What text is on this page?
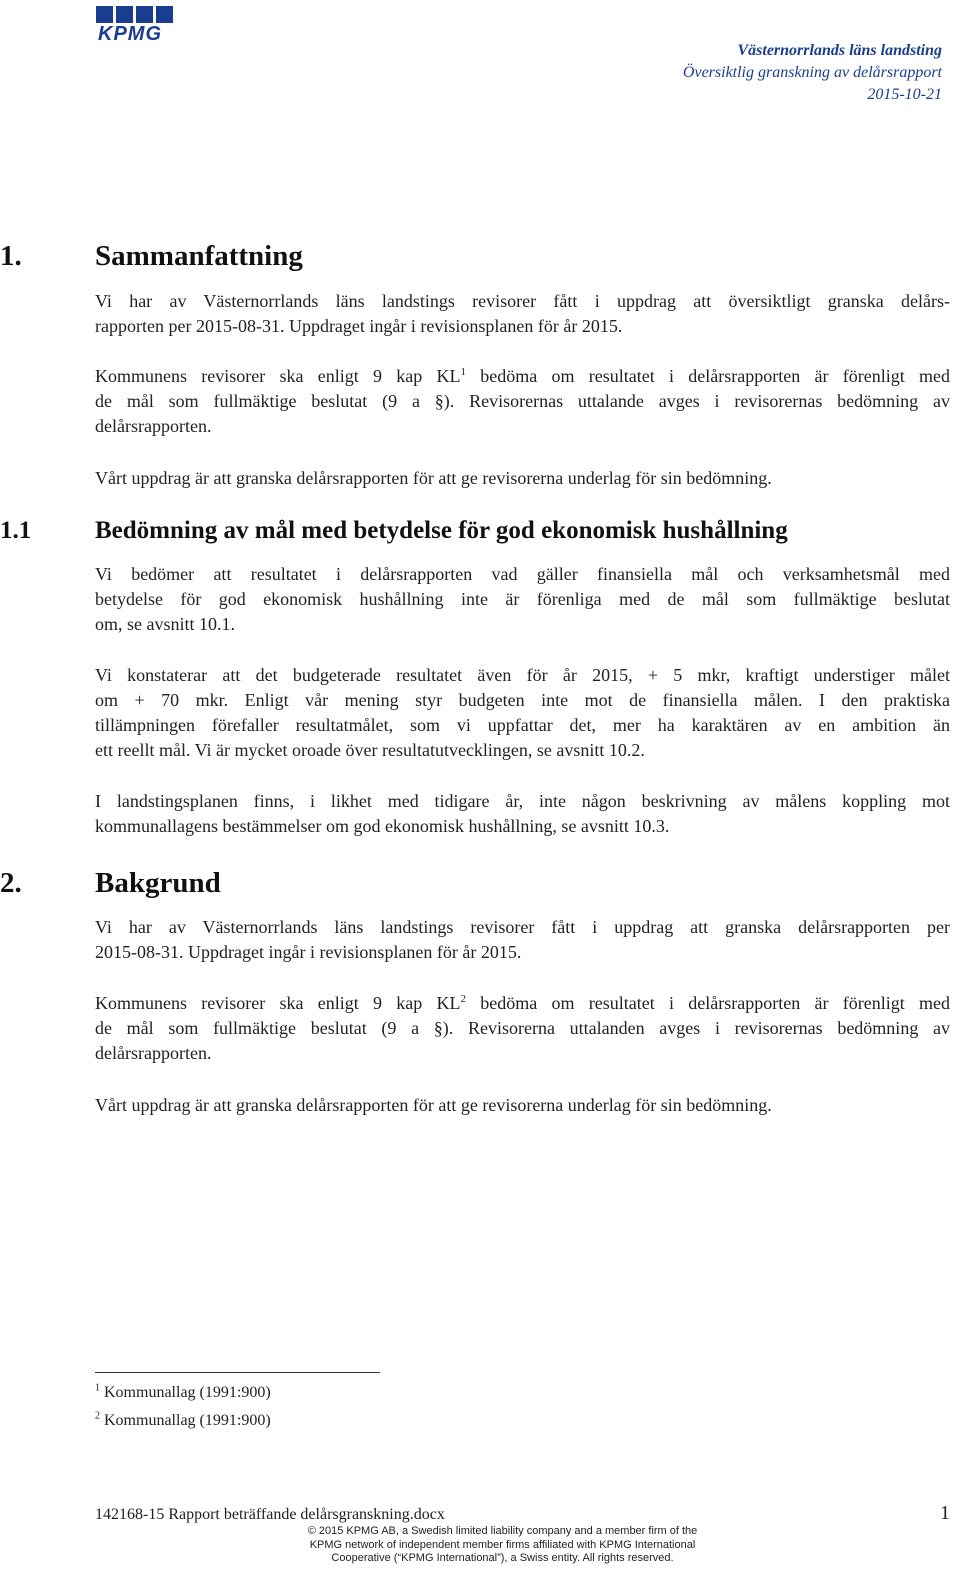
KPMG
Västernorrlands läns landsting
Översiktlig granskning av delårsrapport
2015-10-21
1.	Sammanfattning
Vi har av Västernorrlands läns landstings revisorer fått i uppdrag att översiktligt granska delårs-
rapporten per 2015-08-31. Uppdraget ingår i revisionsplanen för år 2015.
Kommunens revisorer ska enligt 9 kap $KL^1$ bedöma om resultatet i delårsrapporten är förenligt med
de mål som fullmäktige beslutat (9 a §). Revisorernas uttalande avges i revisorernas bedömning av
delårsrapporten.
Vårt uppdrag är att granska delårsrapporten för att ge revisorerna underlag för sin bedömning.
1.1	Bedömning av mål med betydelse för god ekonomisk hushållning
Vi bedömer att resultatet i delårsrapporten vad gäller finansiella mål och verksamhetsmål med
betydelse för god ekonomisk hushållning inte är förenliga med de mål som fullmäktige beslutat
om, se avsnitt 10.1.
Vi konstaterar att det budgeterade resultatet även för år 2015, + 5 mkr, kraftigt understiger målet
om + 70 mkr. Enligt vår mening styr budgeten inte mot de finansiella målen. I den praktiska
tillämpningen förefaller resultatmålet, som vi uppfattar det, mer ha karaktären av en ambition än
ett reellt mål. Vi är mycket oroade över resultatutvecklingen, se avsnitt 10.2.
I landstingsplanen finns, i likhet med tidigare år, inte någon beskrivning av målens koppling mot
kommunallagens bestämmelser om god ekonomisk hushållning, se avsnitt 10.3.
2.	Bakgrund
Vi har av Västernorrlands läns landstings revisorer fått i uppdrag att granska delårsrapporten per
2015-08-31. Uppdraget ingår i revisionsplanen för år 2015.
Kommunens revisorer ska enligt 9 kap $KL^2$ bedöma om resultatet i delårsrapporten är förenligt med
de mål som fullmäktige beslutat (9 a §). Revisorerna uttalanden avges i revisorernas bedömning av
delårsrapporten.
Vårt uppdrag är att granska delårsrapporten för att ge revisorerna underlag för sin bedömning.
$^1$ Kommunallag (1991:900)
$^2$ Kommunallag (1991:900)
142168-15 Rapport beträffande delårsgranskning.docx	1
© 2015 KPMG AB, a Swedish limited liability company and a member firm of the
KPMG network of independent member firms affiliated with KPMG International
Cooperative (“KPMG International”), a Swiss entity. All rights reserved.
